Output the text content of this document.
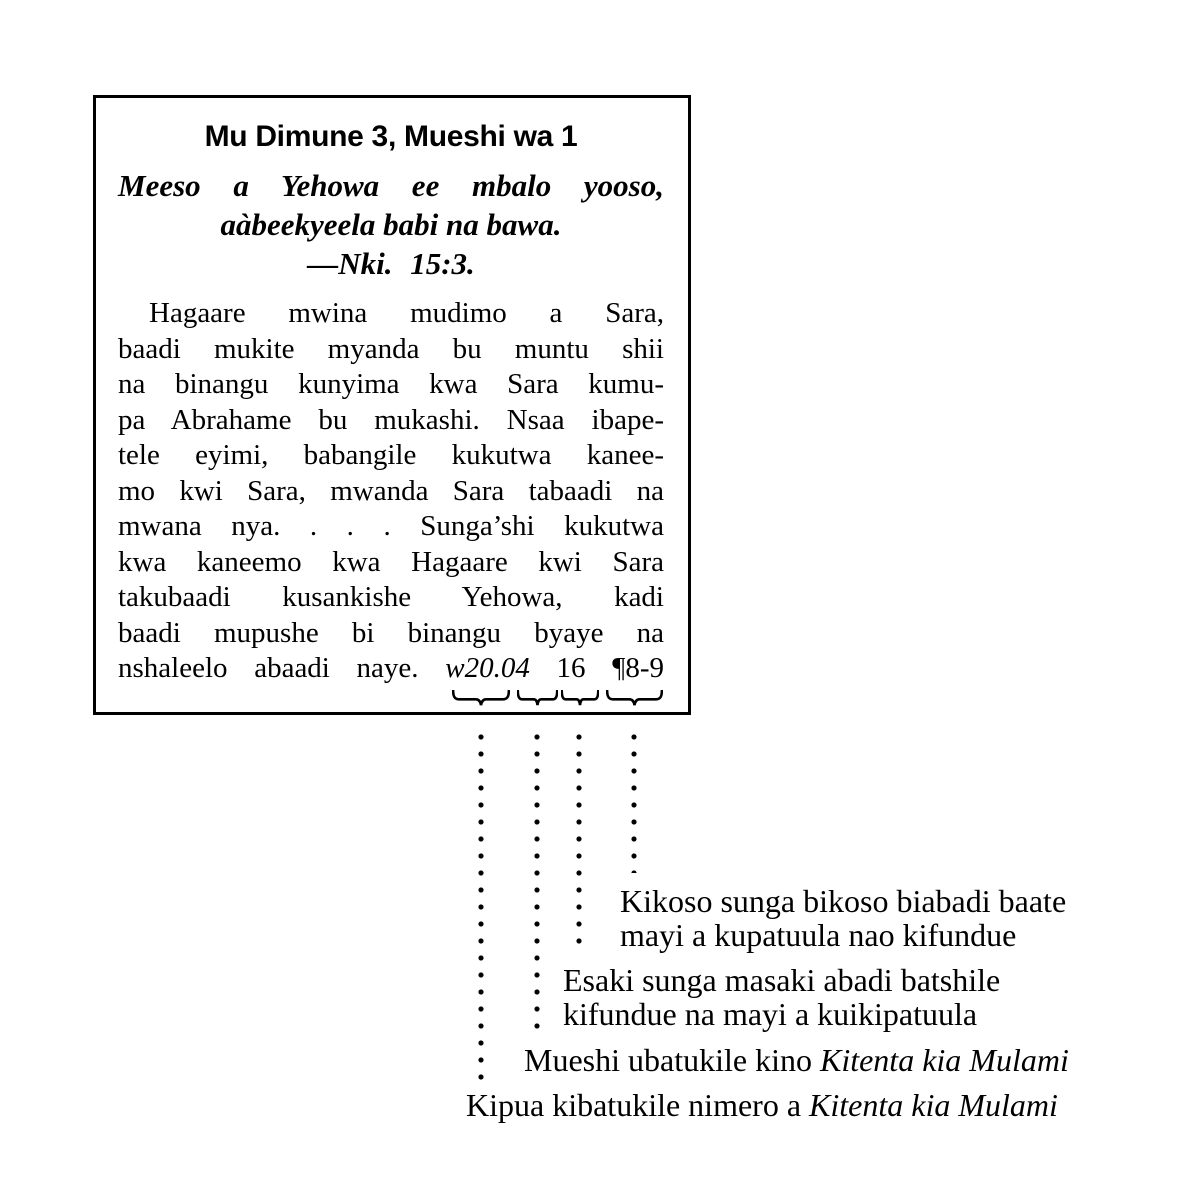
Mu Dimune 3, Mueshi wa 1
Meeso a Yehowa ee mbalo yooso,
aàbeekyeela babi na bawa.
—Nki. 15:3.
Hagaare mwina mudimo a Sara,
baadi mukite myanda bu muntu shii
na binangu kunyima kwa Sara kumu-
pa Abrahame bu mukashi. Nsaa ibape-
tele eyimi, babangile kukutwa kanee-
mo kwi Sara, mwanda Sara tabaadi na
mwana nya. . . . Sunga’shi kukutwa
kwa kaneemo kwa Hagaare kwi Sara
takubaadi kusankishe Yehowa, kadi
baadi mupushe bi binangu byaye na
nshaleelo abaadi naye. w20.04 16 ¶8-9
Kikoso sunga bikoso biabadi baate
mayi a kupatuula nao kifundue
Esaki sunga masaki abadi batshile
kifundue na mayi a kuikipatuula
Mueshi ubatukile kino Kitenta kia Mulami
Kipua kibatukile nimero a Kitenta kia Mulami
